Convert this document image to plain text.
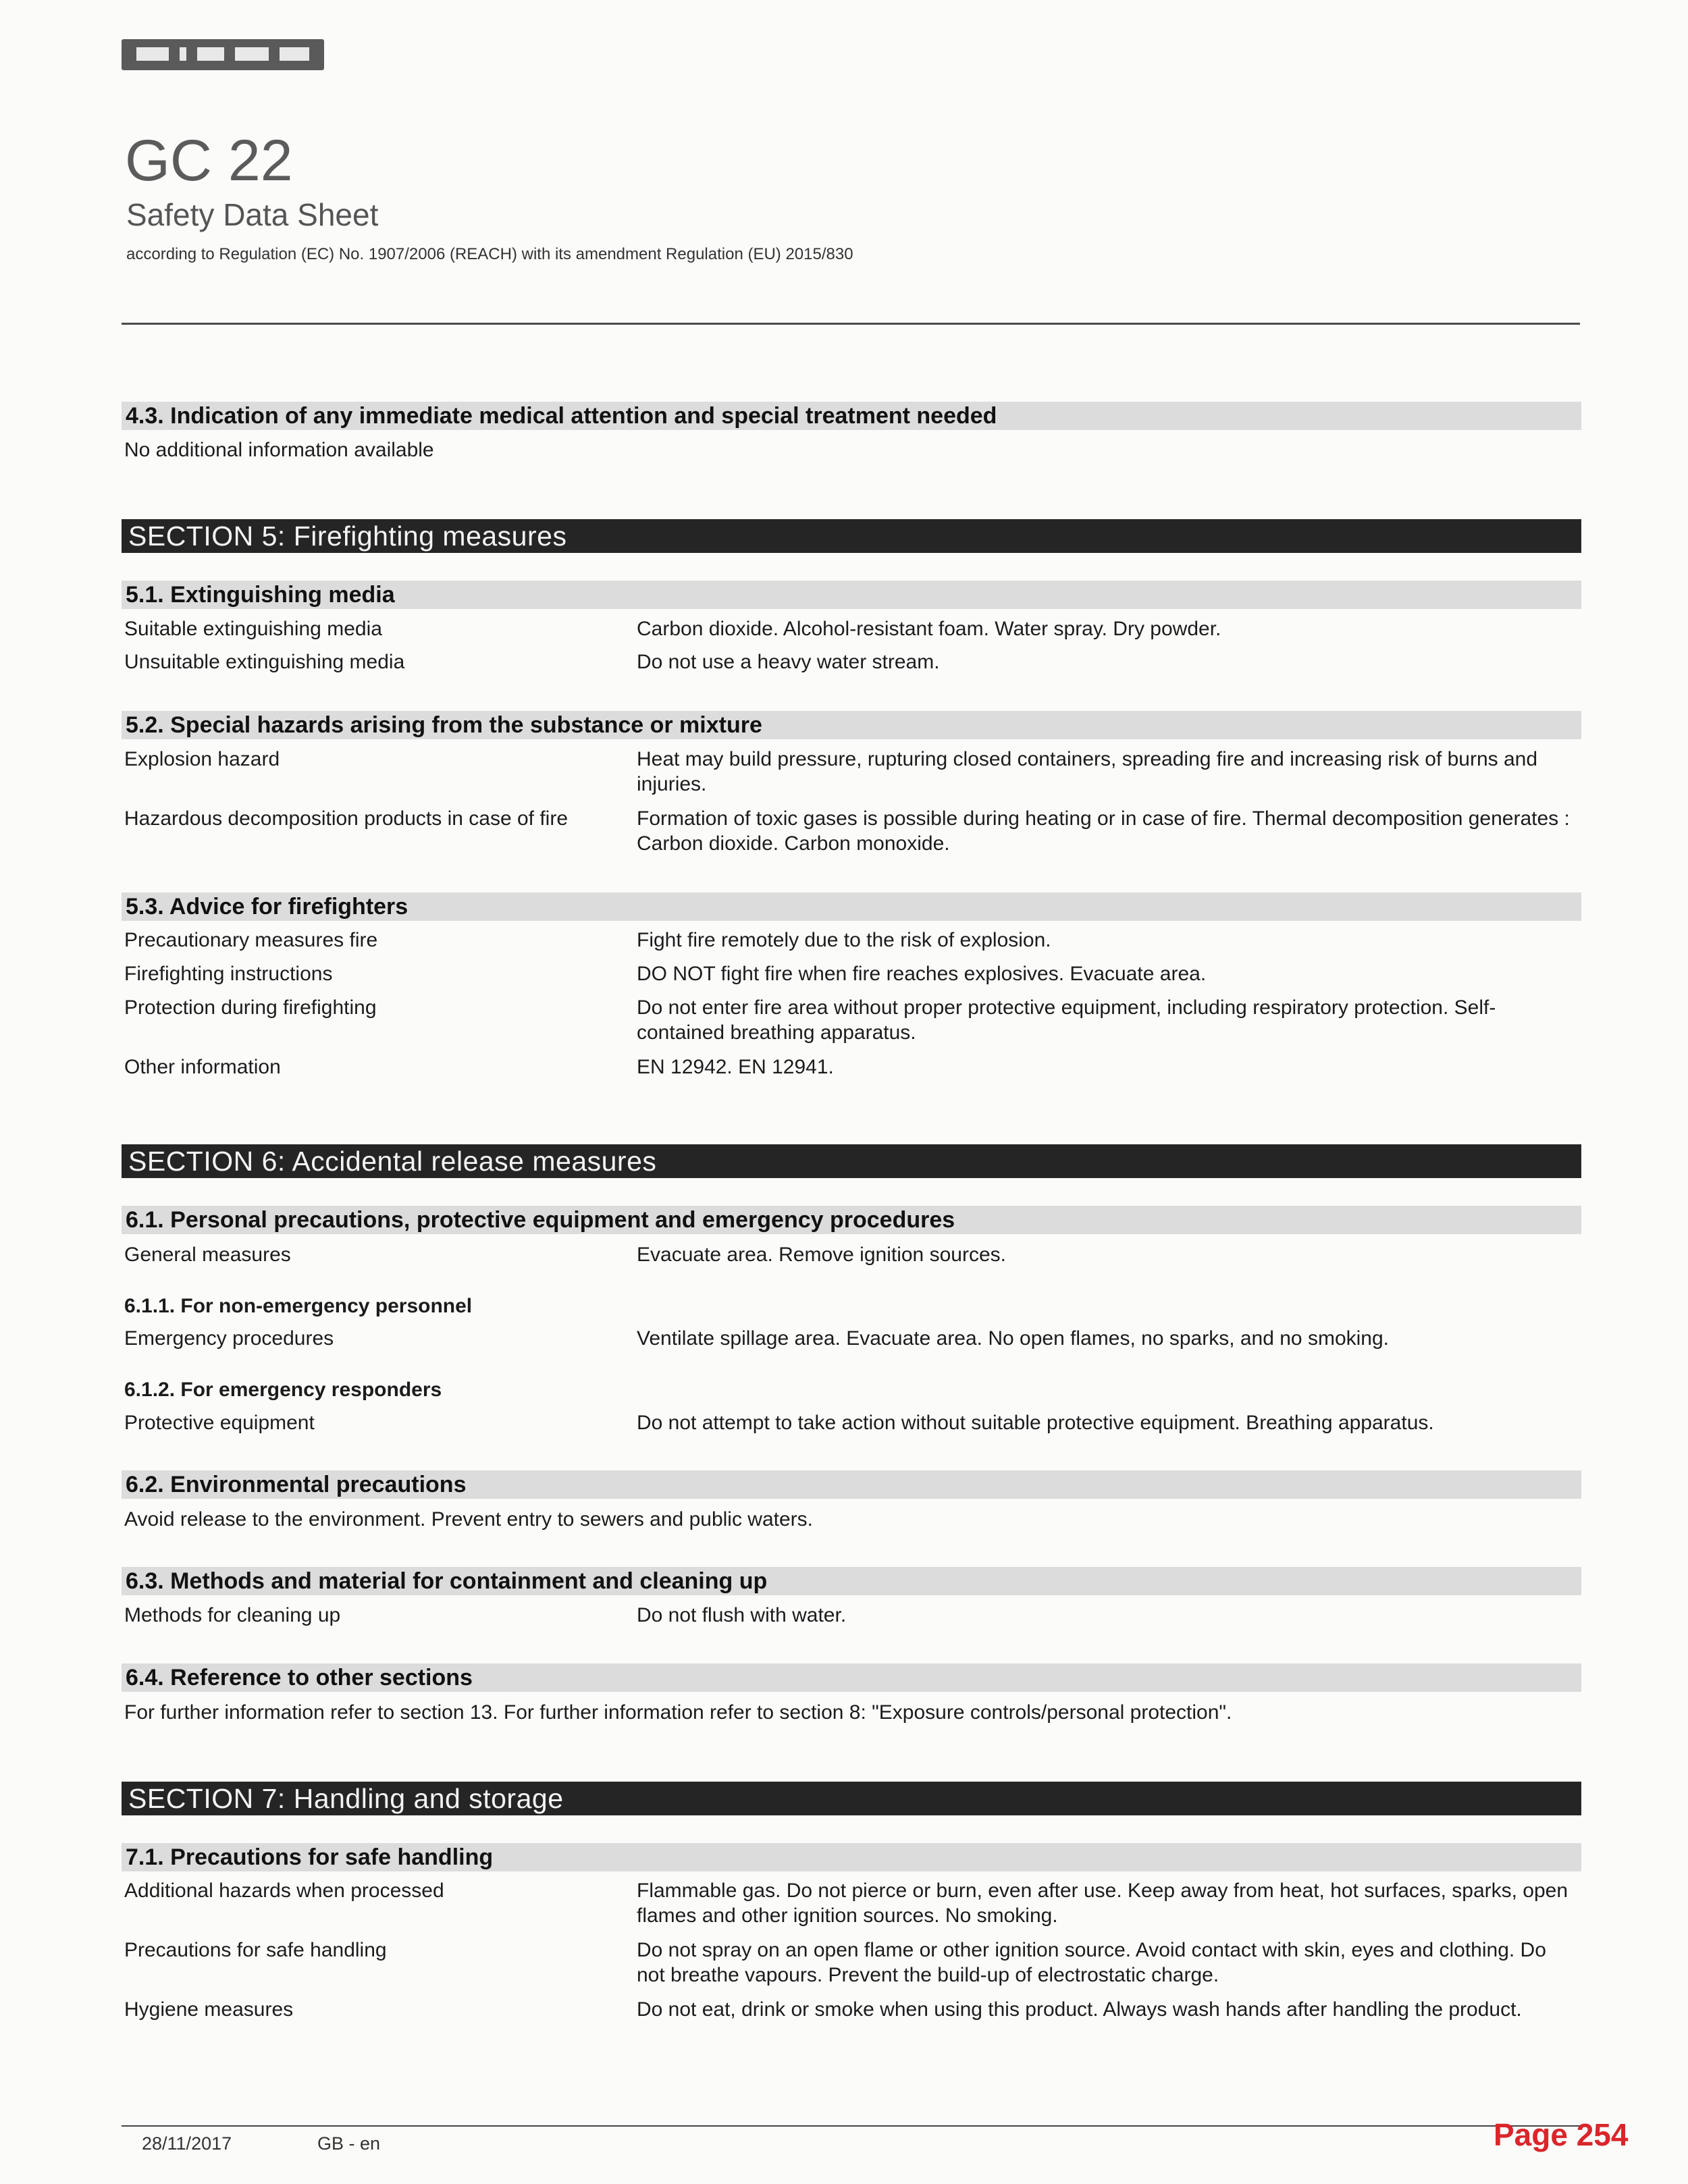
GC 22
Safety Data Sheet
according to Regulation (EC) No. 1907/2006 (REACH) with its amendment Regulation (EU) 2015/830
4.3. Indication of any immediate medical attention and special treatment needed
No additional information available
SECTION 5: Firefighting measures
5.1. Extinguishing media
Suitable extinguishing media	Carbon dioxide. Alcohol-resistant foam. Water spray. Dry powder.
Unsuitable extinguishing media	Do not use a heavy water stream.
5.2. Special hazards arising from the substance or mixture
Explosion hazard	Heat may build pressure, rupturing closed containers, spreading fire and increasing risk of burns and injuries.
Hazardous decomposition products in case of fire	Formation of toxic gases is possible during heating or in case of fire. Thermal decomposition generates : Carbon dioxide. Carbon monoxide.
5.3. Advice for firefighters
Precautionary measures fire	Fight fire remotely due to the risk of explosion.
Firefighting instructions	DO NOT fight fire when fire reaches explosives. Evacuate area.
Protection during firefighting	Do not enter fire area without proper protective equipment, including respiratory protection. Self-contained breathing apparatus.
Other information	EN 12942. EN 12941.
SECTION 6: Accidental release measures
6.1. Personal precautions, protective equipment and emergency procedures
General measures	Evacuate area. Remove ignition sources.
6.1.1. For non-emergency personnel
Emergency procedures	Ventilate spillage area. Evacuate area. No open flames, no sparks, and no smoking.
6.1.2. For emergency responders
Protective equipment	Do not attempt to take action without suitable protective equipment. Breathing apparatus.
6.2. Environmental precautions
Avoid release to the environment. Prevent entry to sewers and public waters.
6.3. Methods and material for containment and cleaning up
Methods for cleaning up	Do not flush with water.
6.4. Reference to other sections
For further information refer to section 13. For further information refer to section 8: "Exposure controls/personal protection".
SECTION 7: Handling and storage
7.1. Precautions for safe handling
Additional hazards when processed	Flammable gas. Do not pierce or burn, even after use. Keep away from heat, hot surfaces, sparks, open flames and other ignition sources. No smoking.
Precautions for safe handling	Do not spray on an open flame or other ignition source. Avoid contact with skin, eyes and clothing. Do not breathe vapours. Prevent the build-up of electrostatic charge.
Hygiene measures	Do not eat, drink or smoke when using this product. Always wash hands after handling the product.
28/11/2017	GB - en	Page 254
